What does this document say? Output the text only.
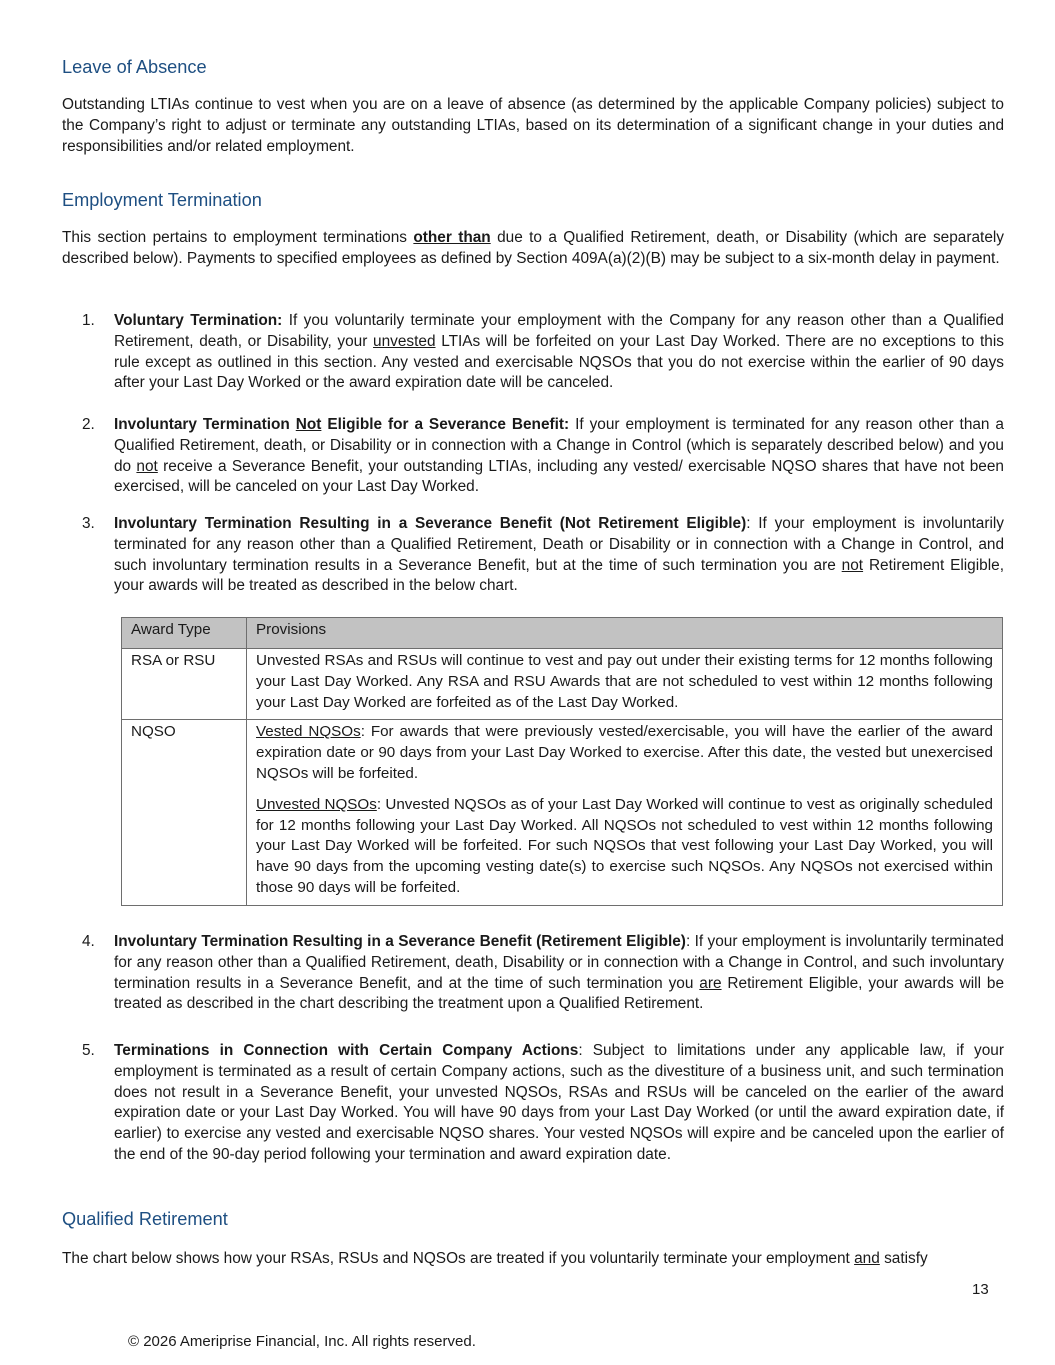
Leave of Absence

Outstanding LTIAs continue to vest when you are on a leave of absence (as determined by the applicable Company policies) subject to the Company’s right to adjust or terminate any outstanding LTIAs, based on its determination of a significant change in your duties and responsibilities and/or related employment.

Employment Termination

This section pertains to employment terminations other than due to a Qualified Retirement, death, or Disability (which are separately described below). Payments to specified employees as defined by Section 409A(a)(2)(B) may be subject to a six-month delay in payment.

1.	Voluntary Termination: If you voluntarily terminate your employment with the Company for any reason other than a Qualified Retirement, death, or Disability, your unvested LTIAs will be forfeited on your Last Day Worked. There are no exceptions to this rule except as outlined in this section. Any vested and exercisable NQSOs that you do not exercise within the earlier of 90 days after your Last Day Worked or the award expiration date will be canceled.

2.	Involuntary Termination Not Eligible for a Severance Benefit: If your employment is terminated for any reason other than a Qualified Retirement, death, or Disability or in connection with a Change in Control (which is separately described below) and you do not receive a Severance Benefit, your outstanding LTIAs, including any vested/ exercisable NQSO shares that have not been exercised, will be canceled on your Last Day Worked.

3.	Involuntary Termination Resulting in a Severance Benefit (Not Retirement Eligible): If your employment is involuntarily terminated for any reason other than a Qualified Retirement, Death or Disability or in connection with a Change in Control, and such involuntary termination results in a Severance Benefit, but at the time of such termination you are not Retirement Eligible, your awards will be treated as described in the below chart.

Award Type	Provisions
RSA or RSU	Unvested RSAs and RSUs will continue to vest and pay out under their existing terms for 12 months following your Last Day Worked. Any RSA and RSU Awards that are not scheduled to vest within 12 months following your Last Day Worked are forfeited as of the Last Day Worked.

NQSO	Vested NQSOs: For awards that were previously vested/exercisable, you will have the earlier of the award expiration date or 90 days from your Last Day Worked to exercise. After this date, the vested but unexercised NQSOs will be forfeited.

Unvested NQSOs: Unvested NQSOs as of your Last Day Worked will continue to vest as originally scheduled for 12 months following your Last Day Worked. All NQSOs not scheduled to vest within 12 months following your Last Day Worked will be forfeited. For such NQSOs that vest following your Last Day Worked, you will have 90 days from the upcoming vesting date(s) to exercise such NQSOs. Any NQSOs not exercised within those 90 days will be forfeited.

4.	Involuntary Termination Resulting in a Severance Benefit (Retirement Eligible): If your employment is involuntarily terminated for any reason other than a Qualified Retirement, death, Disability or in connection with a Change in Control, and such involuntary termination results in a Severance Benefit, and at the time of such termination you are Retirement Eligible, your awards will be treated as described in the chart describing the treatment upon a Qualified Retirement.

5.	Terminations in Connection with Certain Company Actions: Subject to limitations under any applicable law, if your employment is terminated as a result of certain Company actions, such as the divestiture of a business unit, and such termination does not result in a Severance Benefit, your unvested NQSOs, RSAs and RSUs will be canceled on the earlier of the award expiration date or your Last Day Worked. You will have 90 days from your Last Day Worked (or until the award expiration date, if earlier) to exercise any vested and exercisable NQSO shares. Your vested NQSOs will expire and be canceled upon the earlier of the end of the 90-day period following your termination and award expiration date.

Qualified Retirement

The chart below shows how your RSAs, RSUs and NQSOs are treated if you voluntarily terminate your employment and satisfy

13
© 2026 Ameriprise Financial, Inc. All rights reserved.
